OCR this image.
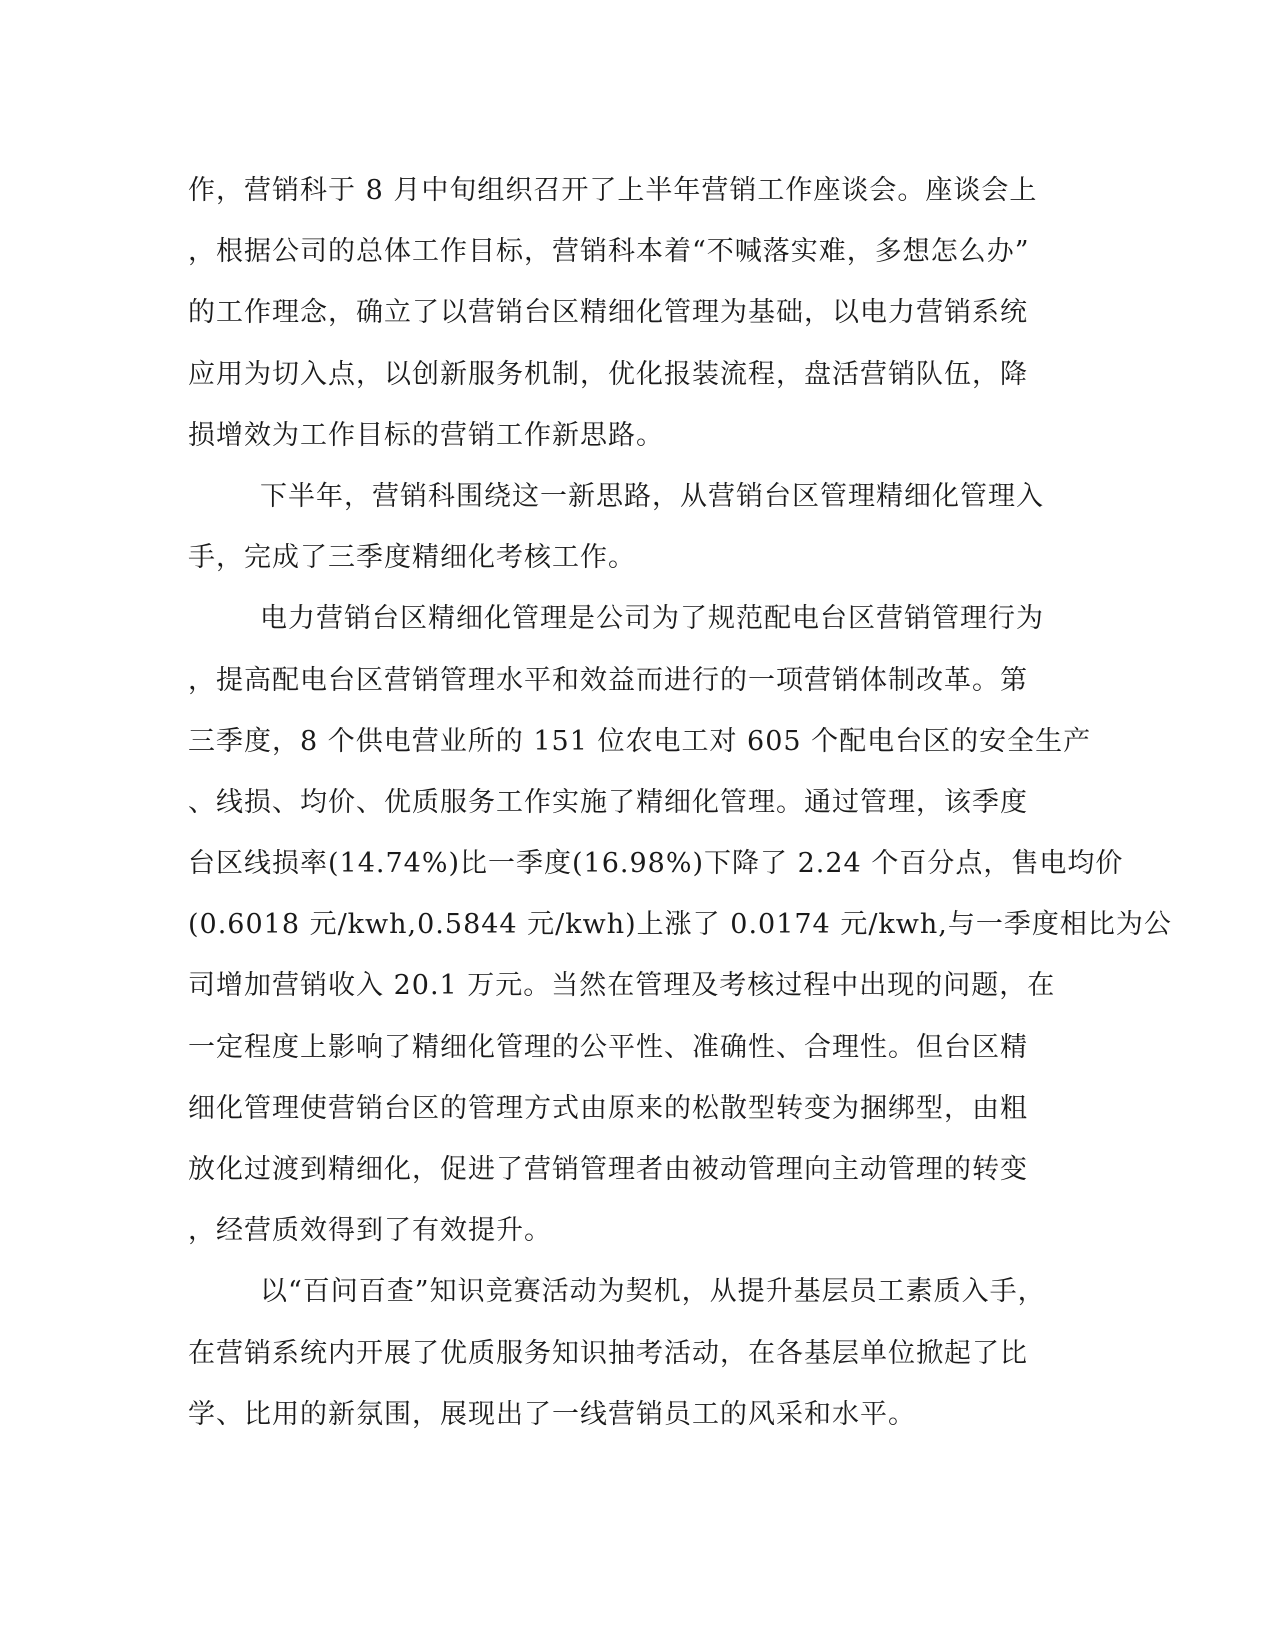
作，营销科于 8 月中旬组织召开了上半年营销工作座谈会。座谈会上
，根据公司的总体工作目标，营销科本着“不喊落实难，多想怎么办”
的工作理念，确立了以营销台区精细化管理为基础，以电力营销系统
应用为切入点，以创新服务机制，优化报装流程，盘活营销队伍，降
损增效为工作目标的营销工作新思路。
下半年，营销科围绕这一新思路，从营销台区管理精细化管理入
手，完成了三季度精细化考核工作。
电力营销台区精细化管理是公司为了规范配电台区营销管理行为
，提高配电台区营销管理水平和效益而进行的一项营销体制改革。第
三季度，8 个供电营业所的 151 位农电工对 605 个配电台区的安全生产
、线损、均价、优质服务工作实施了精细化管理。通过管理，该季度
台区线损率(14.74%)比一季度(16.98%)下降了 2.24 个百分点，售电均价
(0.6018 元/kwh,0.5844 元/kwh)上涨了 0.0174 元/kwh,与一季度相比为公
司增加营销收入 20.1 万元。当然在管理及考核过程中出现的问题，在
一定程度上影响了精细化管理的公平性、准确性、合理性。但台区精
细化管理使营销台区的管理方式由原来的松散型转变为捆绑型，由粗
放化过渡到精细化，促进了营销管理者由被动管理向主动管理的转变
，经营质效得到了有效提升。
以“百问百查”知识竞赛活动为契机，从提升基层员工素质入手，
在营销系统内开展了优质服务知识抽考活动，在各基层单位掀起了比
学、比用的新氛围，展现出了一线营销员工的风采和水平。
